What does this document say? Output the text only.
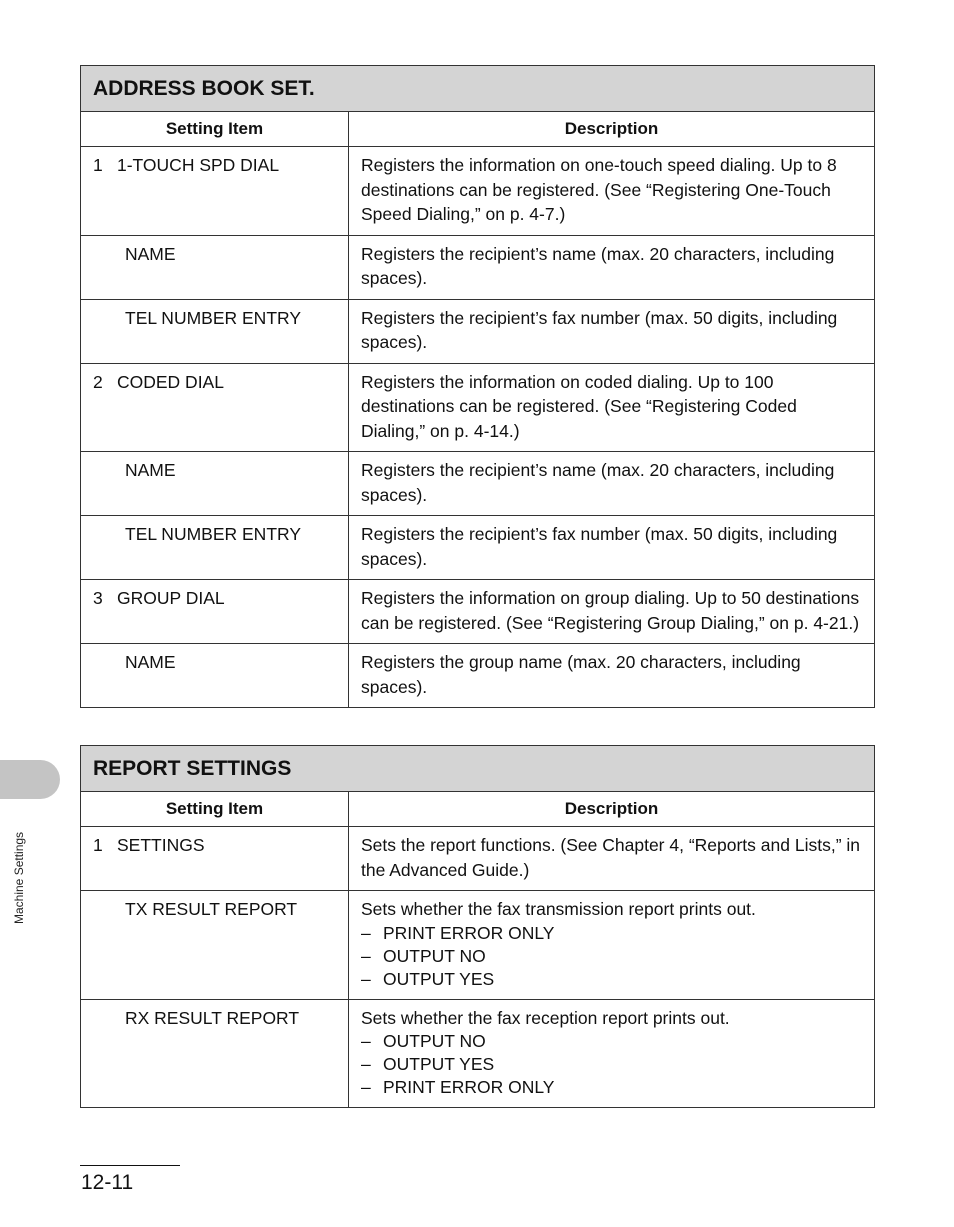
Machine Settings
ADDRESS BOOK SET.	
Setting Item	Description
1 1-TOUCH SPD DIAL	Registers the information on one-touch speed dialing. Up to 8 destinations can be registered. (See “Registering One-Touch Speed Dialing,” on p. 4-7.)
NAME	Registers the recipient’s name (max. 20 characters, including spaces).
TEL NUMBER ENTRY	Registers the recipient’s fax number (max. 50 digits, including spaces).
2 CODED DIAL	Registers the information on coded dialing. Up to 100 destinations can be registered. (See “Registering Coded Dialing,” on p. 4-14.)
NAME	Registers the recipient’s name (max. 20 characters, including spaces).
TEL NUMBER ENTRY	Registers the recipient’s fax number (max. 50 digits, including spaces).
3 GROUP DIAL	Registers the information on group dialing. Up to 50 destinations can be registered. (See “Registering Group Dialing,” on p. 4-21.)
NAME	Registers the group name (max. 20 characters, including spaces).
REPORT SETTINGS	
Setting Item	Description
1 SETTINGS	Sets the report functions. (See Chapter 4, “Reports and Lists,” in the Advanced Guide.)
TX RESULT REPORT	Sets whether the fax transmission report prints out.
– PRINT ERROR ONLY
– OUTPUT NO
– OUTPUT YES

RX RESULT REPORT	Sets whether the fax reception report prints out.
– OUTPUT NO
– OUTPUT YES
– PRINT ERROR ONLY
12-11
